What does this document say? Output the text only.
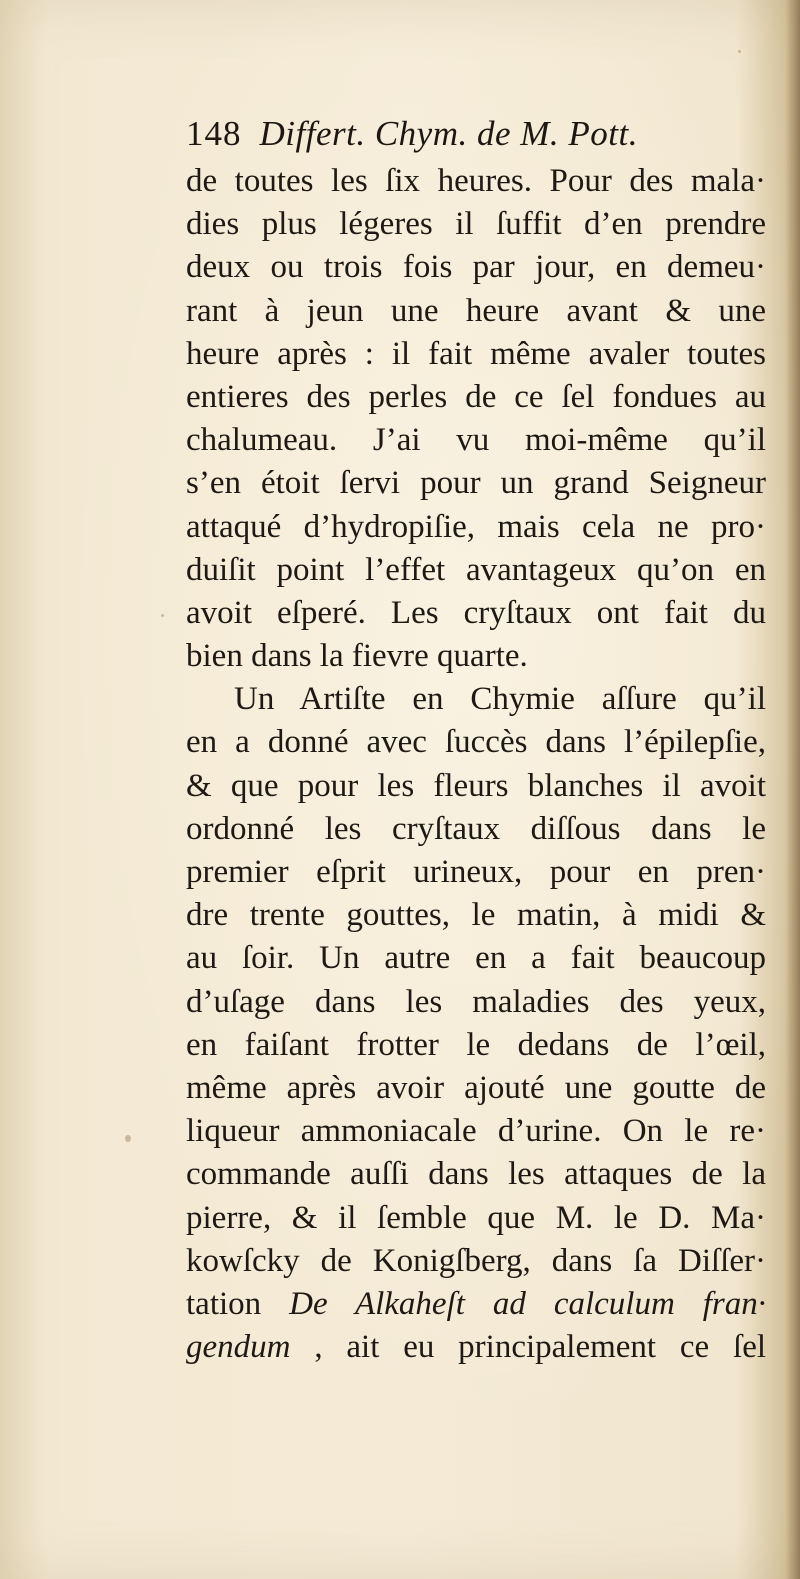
148 Differt. Chym. de M. Pott.
de toutes les ſix heures. Pour des mala·
dies plus légeres il ſuffit d’en prendre
deux ou trois fois par jour, en demeu·
rant à jeun une heure avant & une
heure après : il fait même avaler toutes
entieres des perles de ce ſel fondues au
chalumeau. J’ai vu moi-même qu’il
s’en étoit ſervi pour un grand Seigneur
attaqué d’hydropiſie, mais cela ne pro·
duiſit point l’effet avantageux qu’on en
avoit eſperé. Les cryſtaux ont fait du
bien dans la fievre quarte.
Un Artiſte en Chymie aſſure qu’il
en a donné avec ſuccès dans l’épilepſie,
& que pour les fleurs blanches il avoit
ordonné les cryſtaux diſſous dans le
premier eſprit urineux, pour en pren·
dre trente gouttes, le matin, à midi &
au ſoir. Un autre en a fait beaucoup
d’uſage dans les maladies des yeux,
en faiſant frotter le dedans de l’œil,
même après avoir ajouté une goutte de
liqueur ammoniacale d’urine. On le re·
commande auſſi dans les attaques de la
pierre, & il ſemble que M. le D. Ma·
kowſcky de Konigſberg, dans ſa Diſſer·
tation De Alkaheſt ad calculum fran·
gendum , ait eu principalement ce ſel
